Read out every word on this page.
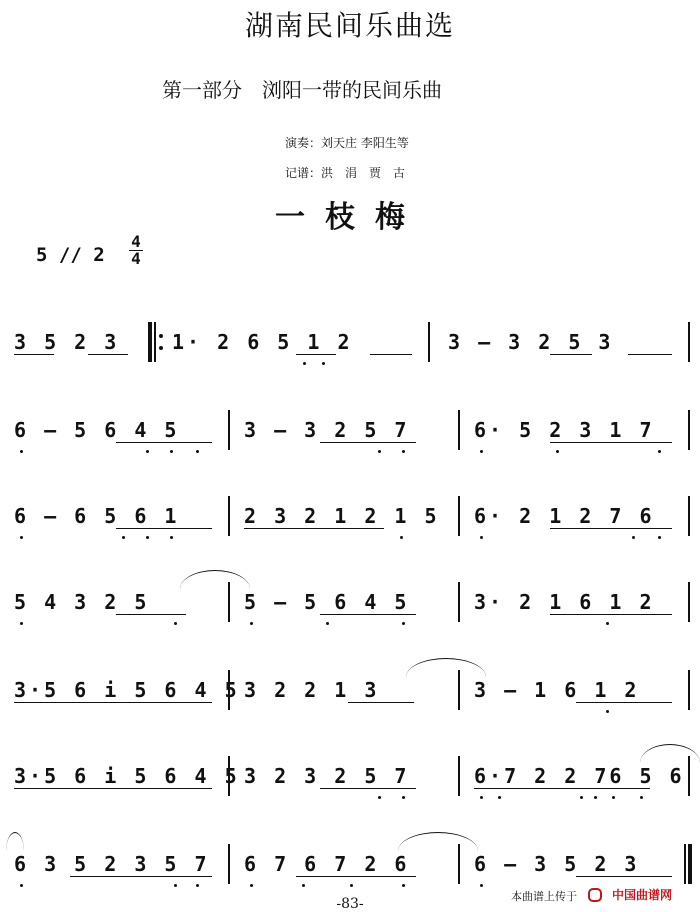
湖南民间乐曲选
第一部分　浏阳一带的民间乐曲
演奏：刘天庄 李阳生等
记谱：洪　涓　贾　古
一枝梅
5 // 2
4
4
3 5 2 3	1· 2 6 5 1 2	3 — 3 2 5 3
6 — 5 6 4 5	3 — 3 2 5 7	6· 5 2 3 1 7
6 — 6 5 6 1	2 3 2 1 2 1 5 6· 2 1 2 7 6
5 4 3 2 5	5 — 5 6 4 5	3· 2 1 6 1 2
3·5 6 i 5 6 4 5 3 2 2 1 3	3 — 1 6 1 2
3·5 6 i 5 6 4 5 3 2 3 2 5 7	6·7 2 2 76 5 6
6 3 5 2 3 5 7 6 7 6 7 2 6	6 — 3 5 2 3
-83-	本曲谱上传于	中国曲谱网
